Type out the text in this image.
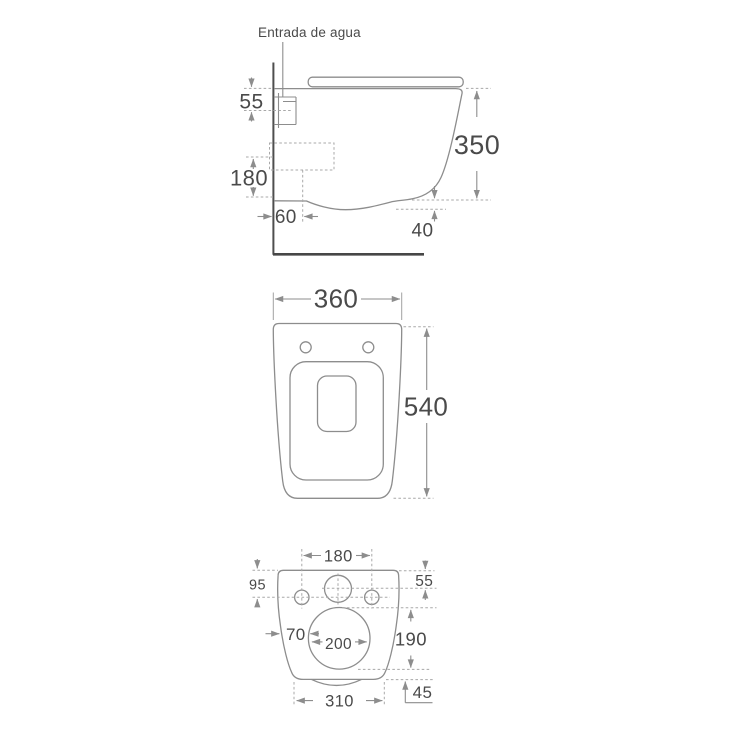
Entrada de agua
55
350
180
60
40
360
540
180
95	55
70
200 190
310	45
